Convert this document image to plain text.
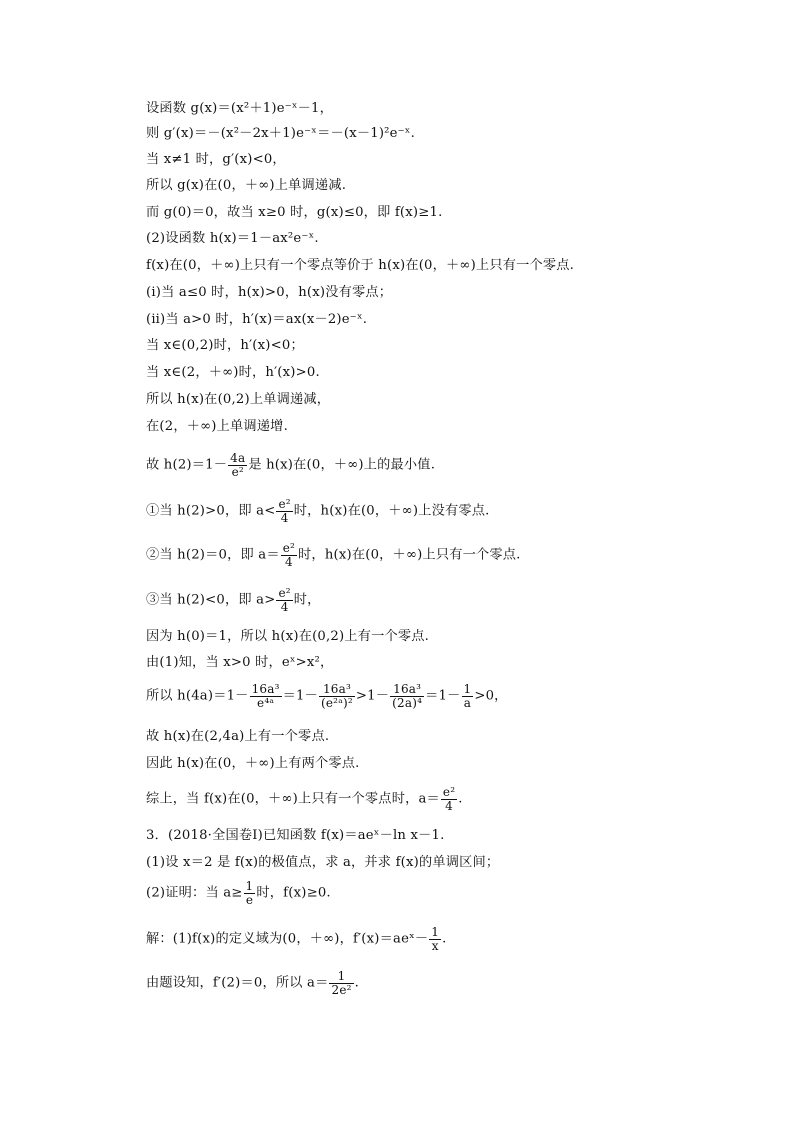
设函数 g(x)＝(x²＋1)e⁻ˣ－1，
则 g′(x)＝－(x²－2x＋1)e⁻ˣ＝－(x－1)²e⁻ˣ.
当 x≠1 时，g′(x)<0，
所以 g(x)在(0，＋∞)上单调递减.
而 g(0)＝0，故当 x≥0 时，g(x)≤0，即 f(x)≥1.
(2)设函数 h(x)＝1－ax²e⁻ˣ.
f(x)在(0，＋∞)上只有一个零点等价于 h(x)在(0，＋∞)上只有一个零点.
(ⅰ)当 a≤0 时，h(x)>0，h(x)没有零点；
(ⅱ)当 a>0 时，h′(x)＝ax(x－2)e⁻ˣ.
当 x∈(0,2)时，h′(x)<0；
当 x∈(2，＋∞)时，h′(x)>0.
所以 h(x)在(0,2)上单调递减，
在(2，＋∞)上单调递增.
故 $h(2)=1- \frac{4a}{\text{e²}}$ 是 h(x)在(0，＋∞)上的最小值.
①当 h(2)>0，即 $a< \frac{\text{e²}}{4}$ 时，h(x)在(0，＋∞)上没有零点.
②当 h(2)＝0，即 $a= \frac{\text{e²}}{4}$ 时，h(x)在(0，＋∞)上只有一个零点.
③当 h(2)<0，即 $a> \frac{\text{e²}}{4}$ 时，
因为 h(0)＝1，所以 h(x)在(0,2)上有一个零点.
由(1)知，当 x>0 时，eˣ>x²，
所以 $h(4a)=1- \frac{\text{16a³}}{\text{e⁴ᵃ}} =1- \frac{\text{16a³}}{\text{(e²ᵃ)²}} >1- \frac{\text{16a³}}{\text{(2a)⁴}} =1- \frac{1}{a} >0$，
故 h(x)在(2,4a)上有一个零点.
因此 h(x)在(0，＋∞)上有两个零点.
综上，当 f(x)在(0，＋∞)上只有一个零点时，$a= \frac{\text{e²}}{4}$ .
3．(2018·全国卷Ⅰ)已知函数 f(x)＝aeˣ－ln x－1.
(1)设 x＝2 是 f(x)的极值点，求 a，并求 f(x)的单调区间；
(2)证明：当 $a\ge \frac{1}{e}$ 时，f(x)≥0.
解：(1)f(x)的定义域为(0，＋∞)，f′(x)＝aeˣ－ $\frac{1}{x}$ .
由题设知，f′(2)＝0，所以 $a= \frac{1}{\text{2e²}}$ .
